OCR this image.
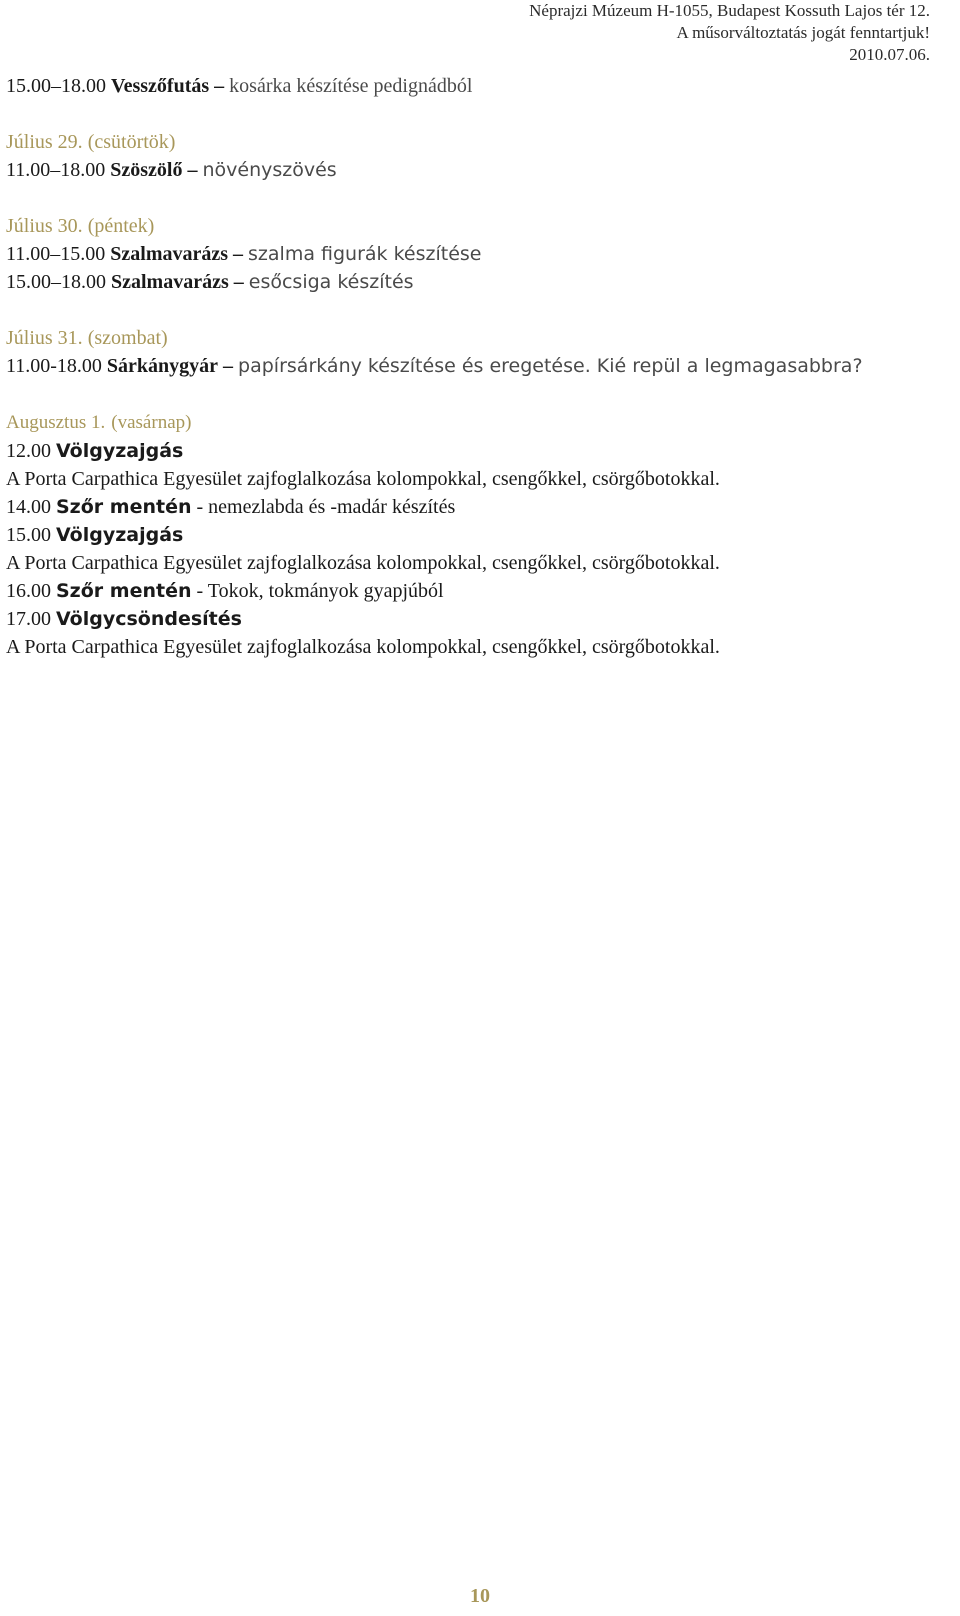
Néprajzi Múzeum H-1055, Budapest Kossuth Lajos tér 12.
A műsorváltoztatás jogát fenntartjuk!
2010.07.06.
15.00–18.00 Vesszőfutás – kosárka készítése pedignádból
Július 29. (csütörtök)
11.00–18.00 Szöszölő – növényszövés
Július 30. (péntek)
11.00–15.00 Szalmavarázs – szalma figurák készítése
15.00–18.00 Szalmavarázs – esőcsiga készítés
Július 31. (szombat)
11.00-18.00 Sárkánygyár – papírsárkány készítése és eregetése. Kié repül a legmagasabbra?
Augusztus 1. (vasárnap)
12.00 Völgyzajgás
A Porta Carpathica Egyesület zajfoglalkozása kolompokkal, csengőkkel, csörgőbotokkal.
14.00 Szőr mentén - nemezlabda és -madár készítés
15.00 Völgyzajgás
A Porta Carpathica Egyesület zajfoglalkozása kolompokkal, csengőkkel, csörgőbotokkal.
16.00 Szőr mentén - Tokok, tokmányok gyapjúból
17.00 Völgycsöndesítés
A Porta Carpathica Egyesület zajfoglalkozása kolompokkal, csengőkkel, csörgőbotokkal.
10
